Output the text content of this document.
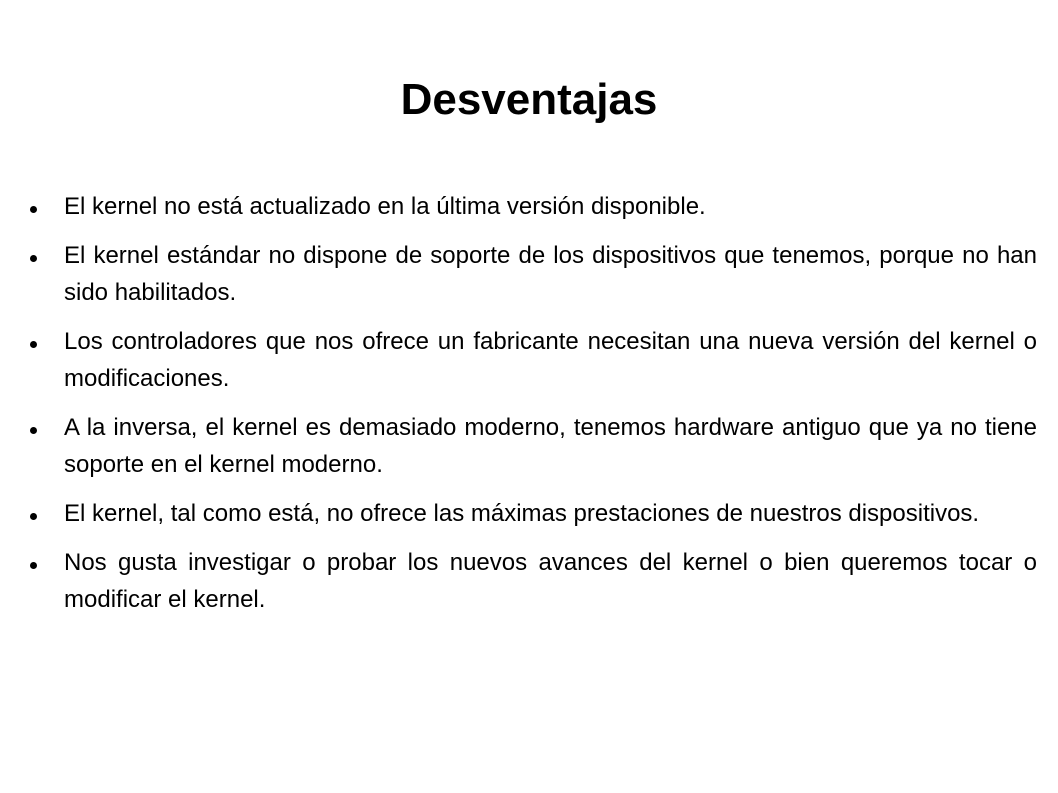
Desventajas
El kernel no está actualizado en la última versión disponible.
El kernel estándar no dispone de soporte de los dispositivos que tenemos, porque no han sido habilitados.
Los controladores que nos ofrece un fabricante necesitan una nueva versión del kernel o modificaciones.
A la inversa, el kernel es demasiado moderno, tenemos hardware antiguo que ya no tiene soporte en el kernel moderno.
El kernel, tal como está, no ofrece las máximas prestaciones de nuestros dispositivos.
Nos gusta investigar o probar los nuevos avances del kernel o bien queremos tocar o modificar el kernel.
